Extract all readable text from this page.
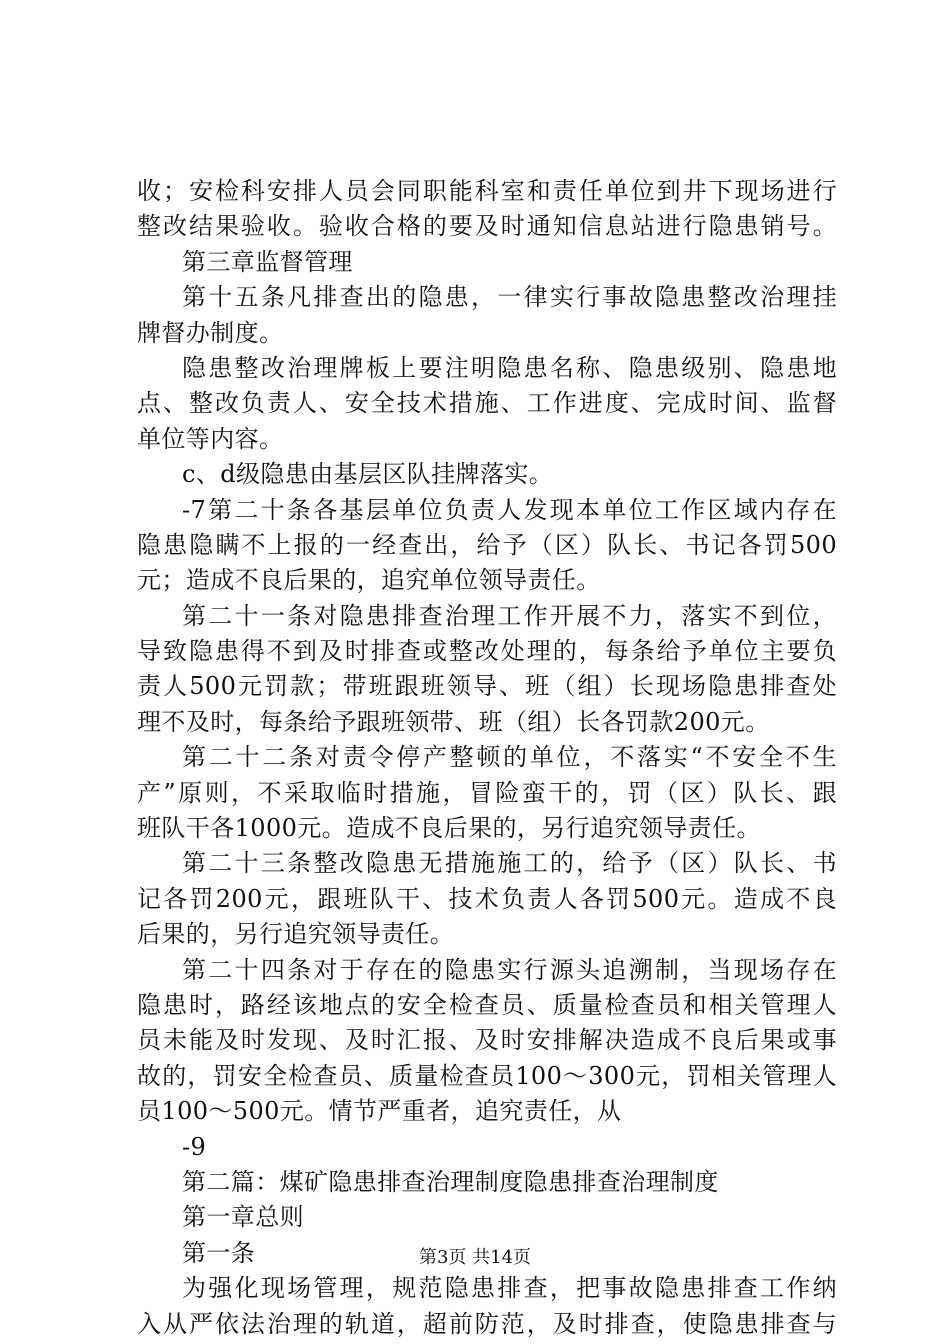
收；安检科安排人员会同职能科室和责任单位到井下现场进行
整改结果验收。验收合格的要及时通知信息站进行隐患销号。
第三章监督管理
第十五条凡排查出的隐患，一律实行事故隐患整改治理挂
牌督办制度。
隐患整改治理牌板上要注明隐患名称、隐患级别、隐患地
点、整改负责人、安全技术措施、工作进度、完成时间、监督
单位等内容。
c、d级隐患由基层区队挂牌落实。
-7第二十条各基层单位负责人发现本单位工作区域内存在
隐患隐瞒不上报的一经查出，给予（区）队长、书记各罚500
元；造成不良后果的，追究单位领导责任。
第二十一条对隐患排查治理工作开展不力，落实不到位，
导致隐患得不到及时排查或整改处理的，每条给予单位主要负
责人500元罚款；带班跟班领导、班（组）长现场隐患排查处
理不及时，每条给予跟班领带、班（组）长各罚款200元。
第二十二条对责令停产整顿的单位，不落实“不安全不生
产”原则，不采取临时措施，冒险蛮干的，罚（区）队长、跟
班队干各1000元。造成不良后果的，另行追究领导责任。
第二十三条整改隐患无措施施工的，给予（区）队长、书
记各罚200元，跟班队干、技术负责人各罚500元。造成不良
后果的，另行追究领导责任。
第二十四条对于存在的隐患实行源头追溯制，当现场存在
隐患时，路经该地点的安全检查员、质量检查员和相关管理人
员未能及时发现、及时汇报、及时安排解决造成不良后果或事
故的，罚安全检查员、质量检查员100～300元，罚相关管理人
员100～500元。情节严重者，追究责任，从
-9
第二篇：煤矿隐患排查治理制度隐患排查治理制度
第一章总则
第一条
为强化现场管理，规范隐患排查，把事故隐患排查工作纳
入从严依法治理的轨道，超前防范，及时排查，使隐患排查与
第3页 共14页
